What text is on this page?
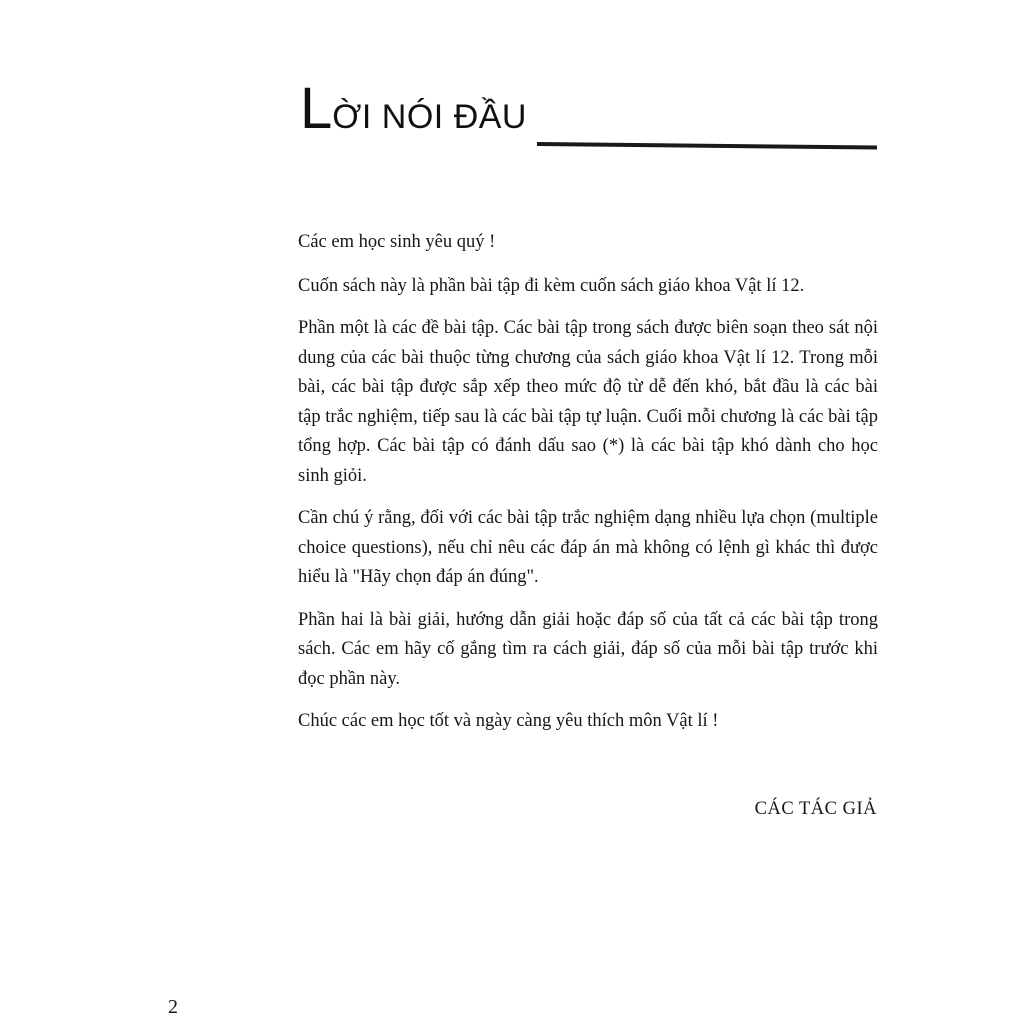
L ỜI NÓI ĐẦU

Các em học sinh yêu quý !

Cuốn sách này là phần bài tập đi kèm cuốn sách giáo khoa Vật lí 12.

Phần một là các đề bài tập. Các bài tập trong sách được biên soạn theo sát nội dung của các bài thuộc từng chương của sách giáo khoa Vật lí 12. Trong mỗi bài, các bài tập được sắp xếp theo mức độ từ dễ đến khó, bắt đầu là các bài tập trắc nghiệm, tiếp sau là các bài tập tự luận. Cuối mỗi chương là các bài tập tổng hợp. Các bài tập có đánh dấu sao (*) là các bài tập khó dành cho học sinh giỏi.

Cần chú ý rằng, đối với các bài tập trắc nghiệm dạng nhiều lựa chọn (multiple choice questions), nếu chỉ nêu các đáp án mà không có lệnh gì khác thì được hiểu là "Hãy chọn đáp án đúng".

Phần hai là bài giải, hướng dẫn giải hoặc đáp số của tất cả các bài tập trong sách. Các em hãy cố gắng tìm ra cách giải, đáp số của mỗi bài tập trước khi đọc phần này.

Chúc các em học tốt và ngày càng yêu thích môn Vật lí !

CÁC TÁC GIẢ
2
